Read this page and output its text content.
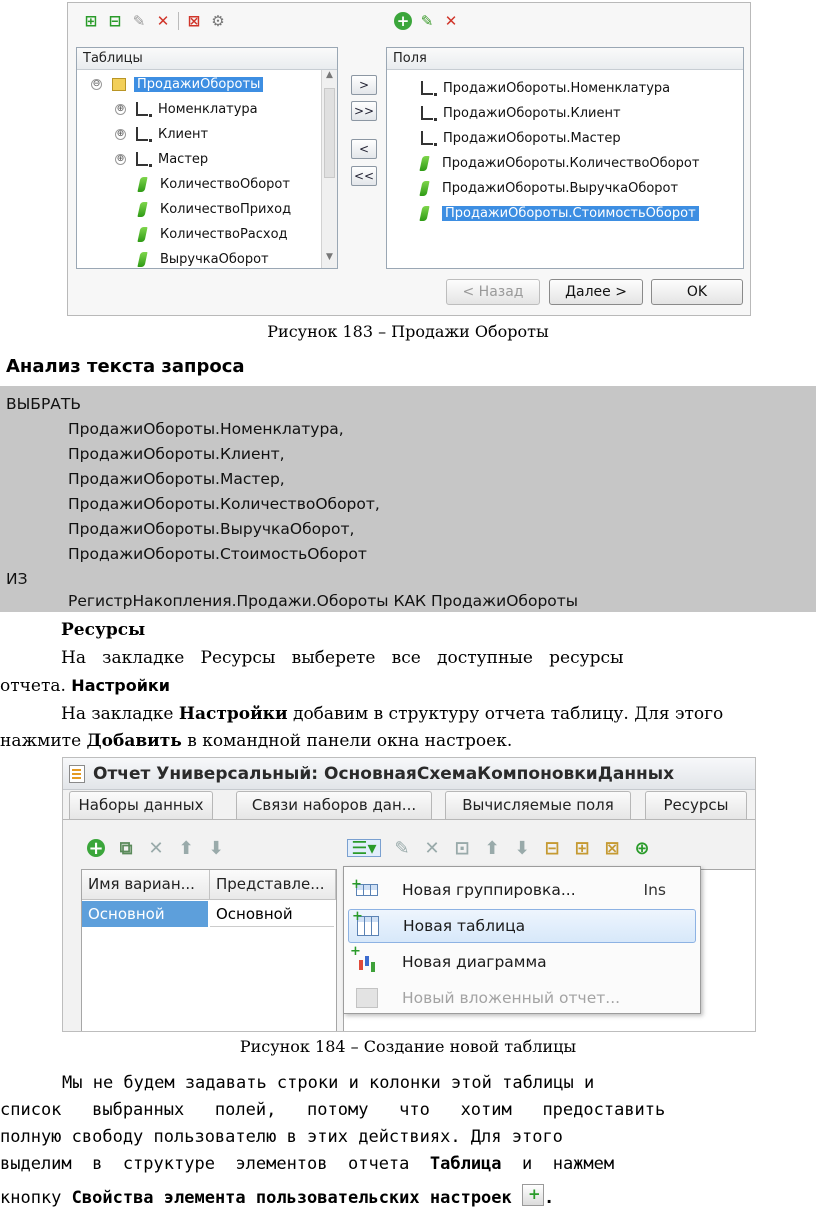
⊞ ⊟ ✎ ✕ ⊠ ⚙	+ ✎ ✕
Таблицы
▲
▼
⊖	ПродажиОбороты
⊕	Номенклатура
⊕	Клиент
⊕	Мастер
КоличествоОборот
КоличествоПриход
КоличествоРасход
ВыручкаОборот
>
>>
<
<<
Поля
ПродажиОбороты.Номенклатура
ПродажиОбороты.Клиент
ПродажиОбороты.Мастер
ПродажиОбороты.КоличествоОборот
ПродажиОбороты.ВыручкаОборот
ПродажиОбороты.СтоимостьОборот
< Назад	Далее >	OK
Рисунок 183 – Продажи Обороты
Анализ текста запроса
ВЫБРАТЬ
ПродажиОбороты.Номенклатура,
ПродажиОбороты.Клиент,
ПродажиОбороты.Мастер,
ПродажиОбороты.КоличествоОборот,
ПродажиОбороты.ВыручкаОборот,
ПродажиОбороты.СтоимостьОборот
ИЗ
РегистрНакопления.Продажи.Обороты КАК ПродажиОбороты
Ресурсы
На   закладке   Ресурсы   выберете   все   доступные   ресурсы
отчета. Настройки
На закладке Настройки добавим в структуру отчета таблицу. Для этого
нажмите Добавить в командной панели окна настроек.
Отчет Универсальный: ОсновнаяСхемаКомпоновкиДанных
Наборы данных	Связи наборов дан...	Вычисляемые поля	Ресурсы
+ ⧉ ✕ ⬆ ⬇	☰▾ ✎ ✕ ⊡ ⬆ ⬇ ⊟ ⊞ ⊠ ⊕
Имя вариан...	Представле...
Основной	Основной
+
Новая группировка...	Ins
+
Новая таблица
+
Новая диаграмма
Новый вложенный отчет...
Рисунок 184 – Создание новой таблицы
Мы не будем задавать строки и колонки этой таблицы и
список   выбранных   полей,   потому   что   хотим   предоставить
полную свободу пользователю в этих действиях. Для этого
выделим  в  структуре  элементов  отчета  Таблица  и  нажмем
кнопку Свойства элемента пользовательских настроек + .
